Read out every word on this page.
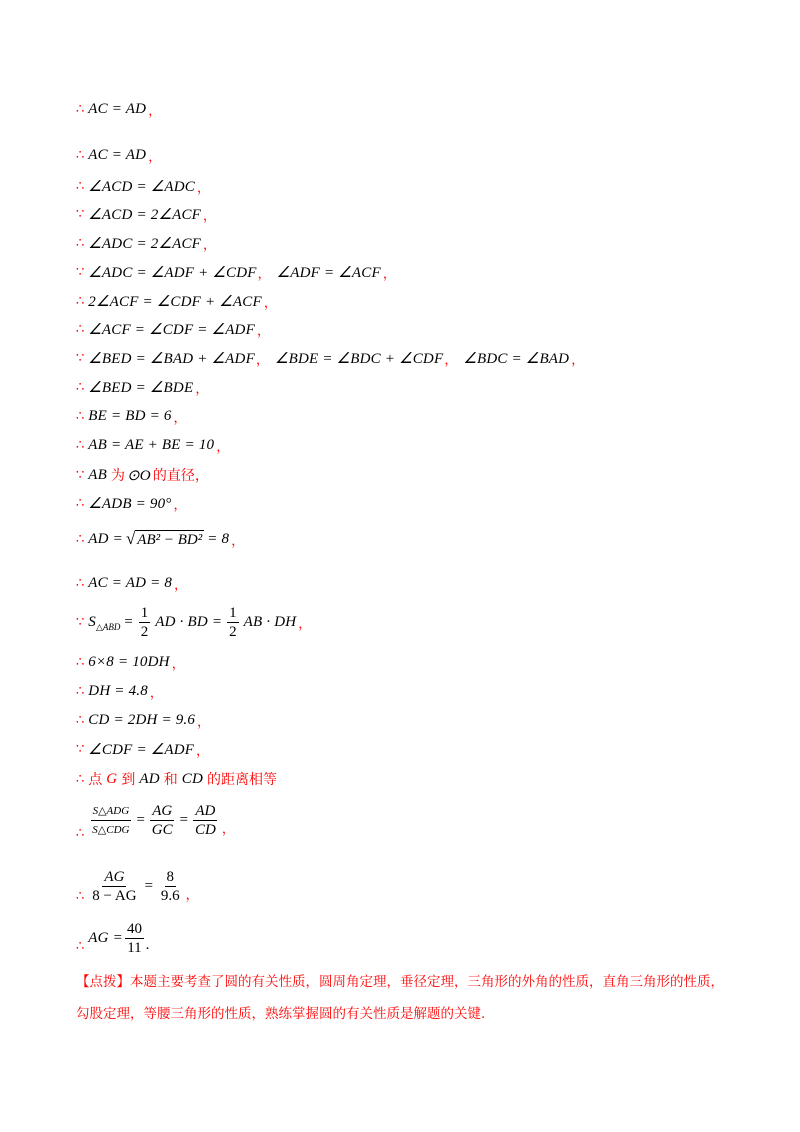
∴ AC = AD ，
∴ AC = AD ，
∴ ∠ACD = ∠ADC ，
∵ ∠ACD = 2∠ACF ，
∴ ∠ADC = 2∠ACF ，
∵ ∠ADC = ∠ADF + ∠CDF ， ∠ADF = ∠ACF ，
∴ 2∠ACF = ∠CDF + ∠ACF ，
∴ ∠ACF = ∠CDF = ∠ADF ，
∵ ∠BED = ∠BAD + ∠ADF ， ∠BDE = ∠BDC + ∠CDF ， ∠BDC = ∠BAD ，
∴ ∠BED = ∠BDE ，
∴ BE = BD = 6 ，
∴ AB = AE + BE = 10 ，
∴ ∠ADB = 90° ，
∴ AC = AD = 8 ，
∴ 6×8 = 10DH ，
∴ DH = 4.8 ，
∴ CD = 2DH = 9.6 ，
∵ ∠CDF = ∠ADF ，
∵ AB 为 ⊙O 的直径，
∴ AD = √ AB² − BD² = 8 ，
∵ S △ABD = $\frac{1}{2}$ AD · BD = $\frac{1}{2}$ AB · DH ，
∴ 点 G 到 AD 和 CD 的距离相等
∴ $\frac{\text{S△ADG}}{\text{S△CDG}} = \frac{AG}{GC} = \frac{AD}{CD}$ ，
∴ $\frac{AG}{8 - AG} = \frac{8}{9.6}$ ，
∴
AG = $\frac{40}{11}$ .
【点拨】本题主要考查了圆的有关性质，圆周角定理，垂径定理，三角形的外角的性质，直角三角形的性质，勾股定理，等腰三角形的性质，熟练掌握圆的有关性质是解题的关键.
